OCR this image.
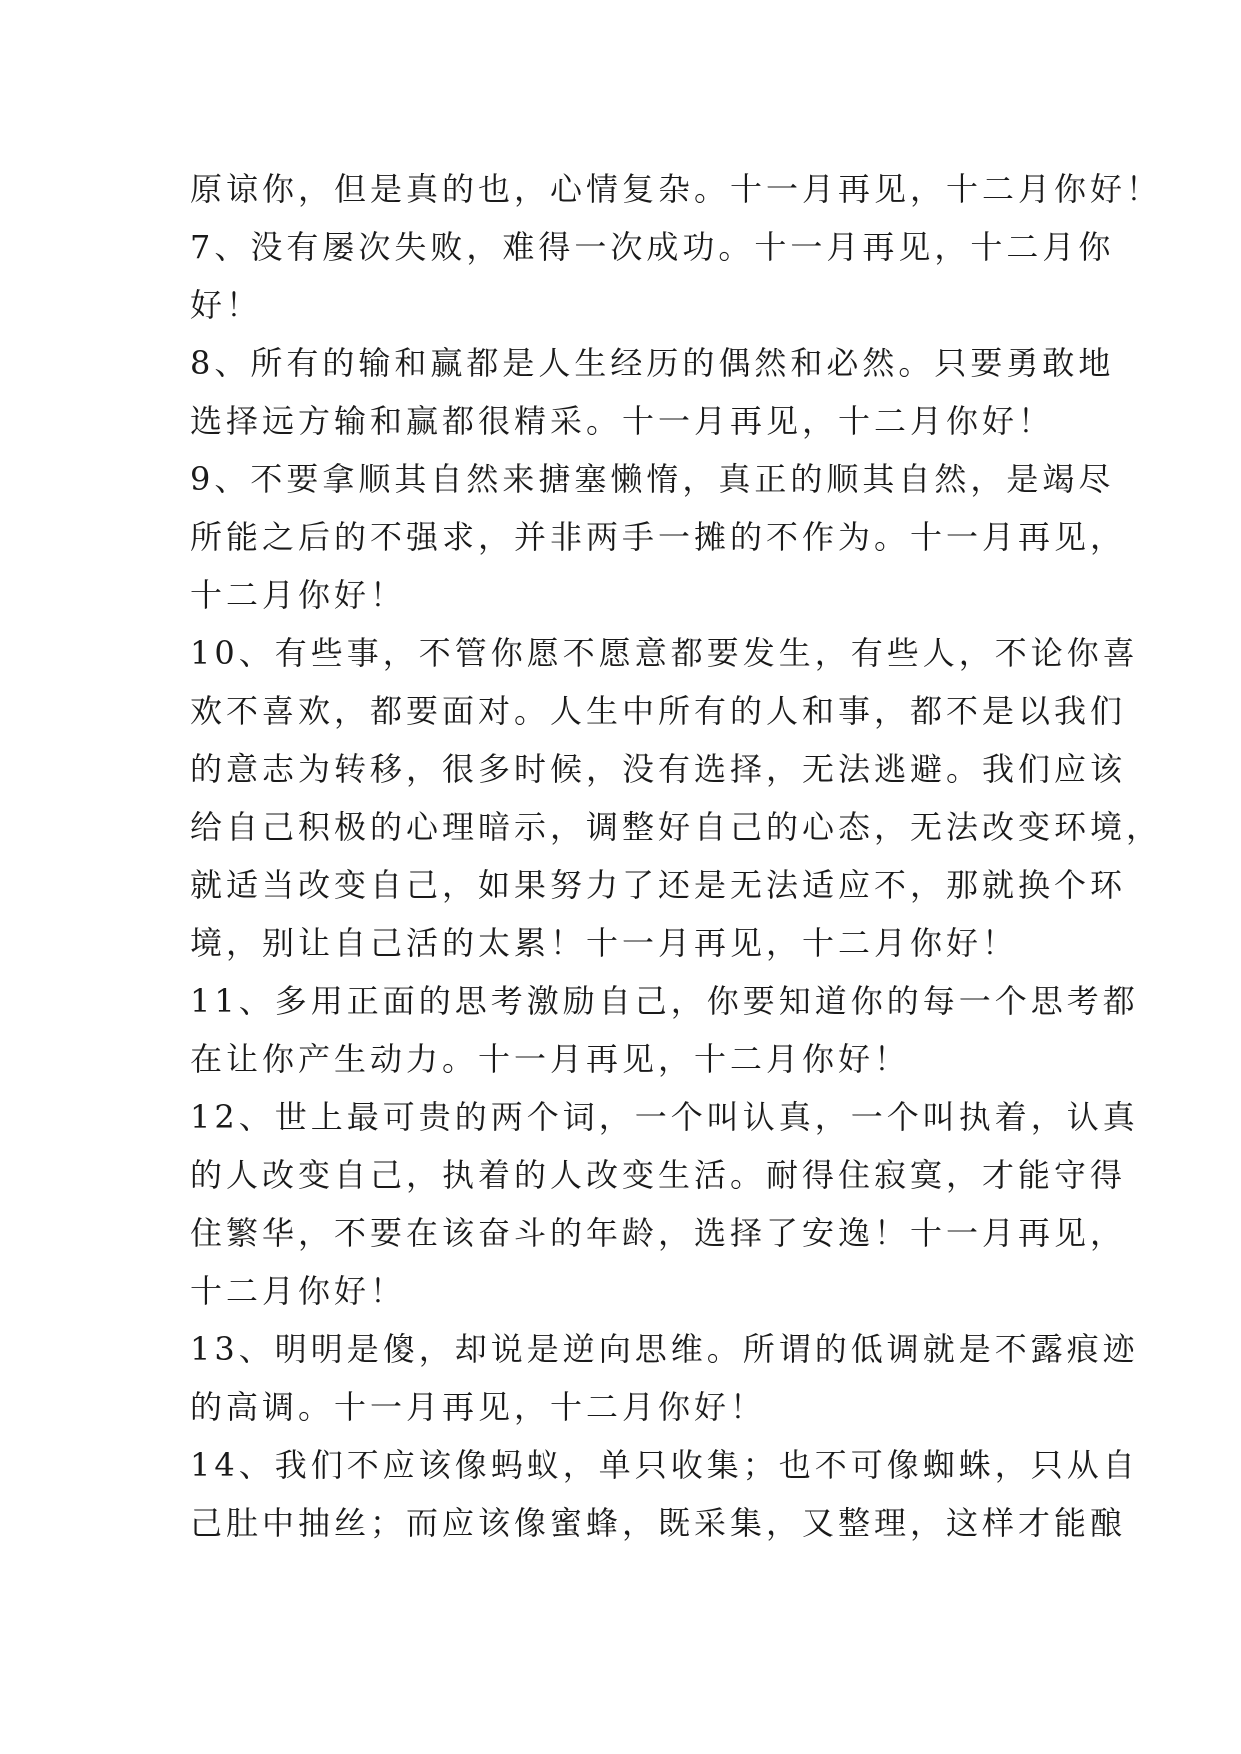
原谅你，但是真的也，心情复杂。十一月再见，十二月你好！
7、没有屡次失败，难得一次成功。十一月再见，十二月你
好！
8、所有的输和赢都是人生经历的偶然和必然。只要勇敢地
选择远方输和赢都很精采。十一月再见，十二月你好！
9、不要拿顺其自然来搪塞懒惰，真正的顺其自然，是竭尽
所能之后的不强求，并非两手一摊的不作为。十一月再见，
十二月你好！
10、有些事，不管你愿不愿意都要发生，有些人，不论你喜
欢不喜欢，都要面对。人生中所有的人和事，都不是以我们
的意志为转移，很多时候，没有选择，无法逃避。我们应该
给自己积极的心理暗示，调整好自己的心态，无法改变环境，
就适当改变自己，如果努力了还是无法适应不，那就换个环
境，别让自己活的太累！十一月再见，十二月你好！
11、多用正面的思考激励自己，你要知道你的每一个思考都
在让你产生动力。十一月再见，十二月你好！
12、世上最可贵的两个词，一个叫认真，一个叫执着，认真
的人改变自己，执着的人改变生活。耐得住寂寞，才能守得
住繁华，不要在该奋斗的年龄，选择了安逸！十一月再见，
十二月你好！
13、明明是傻，却说是逆向思维。所谓的低调就是不露痕迹
的高调。十一月再见，十二月你好！
14、我们不应该像蚂蚁，单只收集；也不可像蜘蛛，只从自
己肚中抽丝；而应该像蜜蜂，既采集，又整理，这样才能酿
